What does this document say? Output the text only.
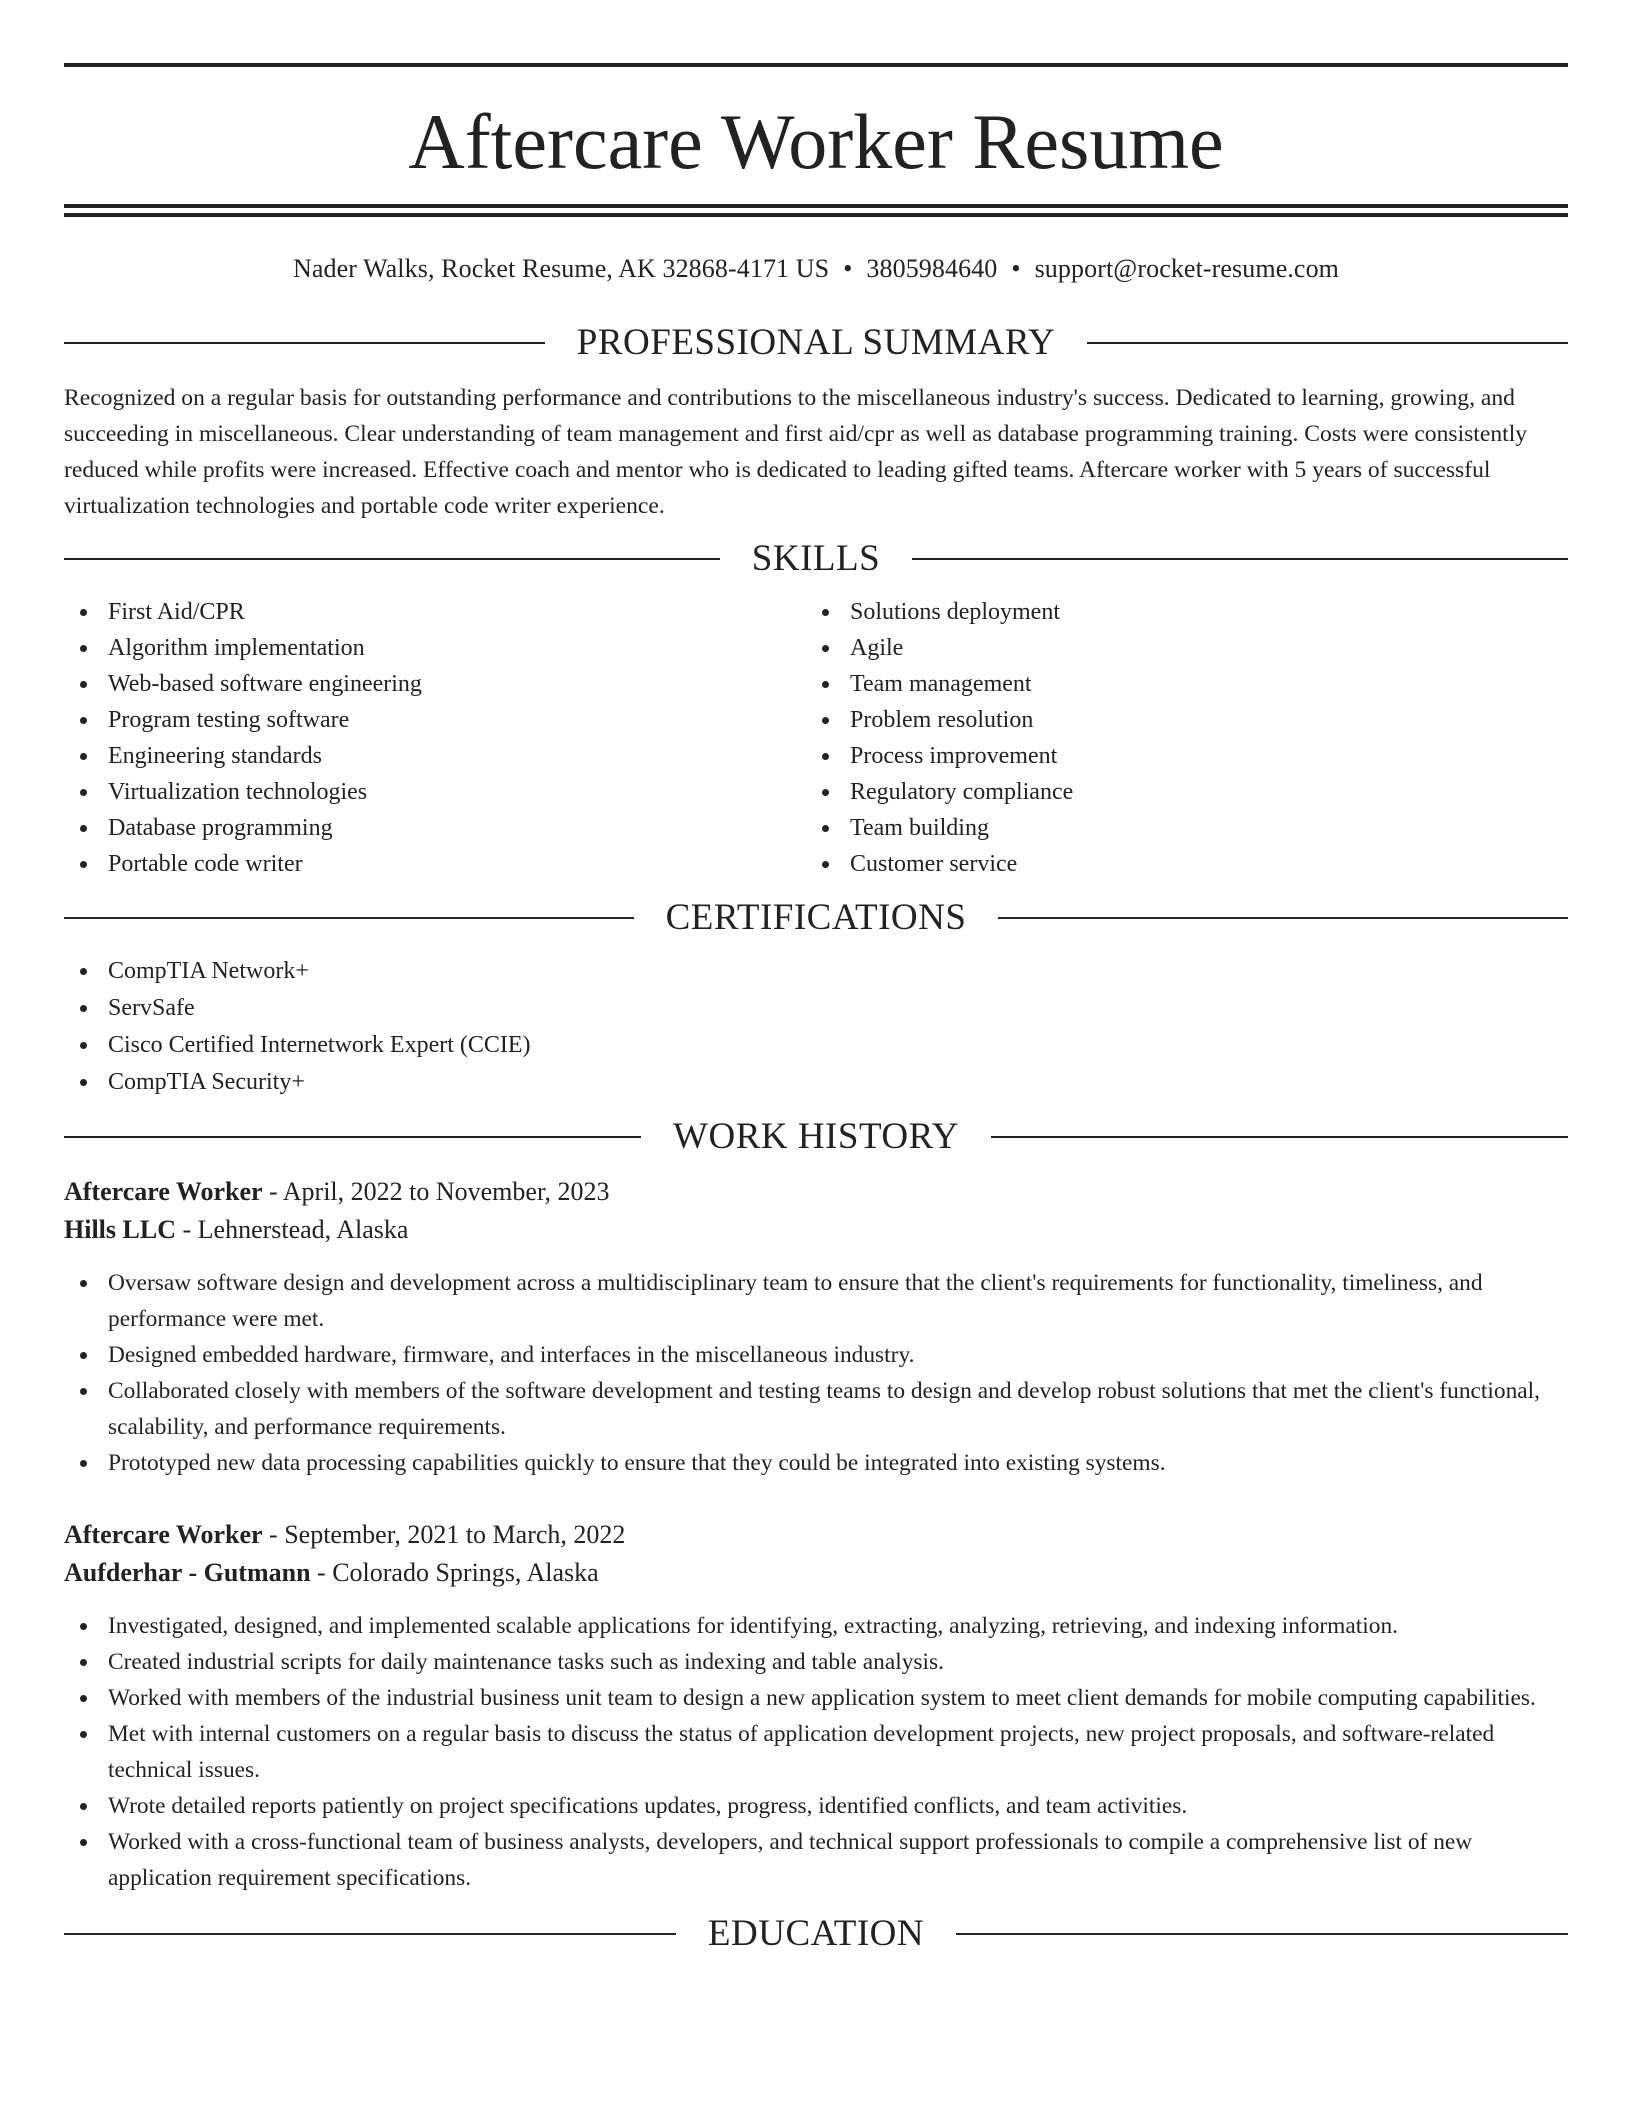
Aftercare Worker Resume
Nader Walks, Rocket Resume, AK 32868-4171 US • 3805984640 • support@rocket-resume.com
PROFESSIONAL SUMMARY
Recognized on a regular basis for outstanding performance and contributions to the miscellaneous industry's success. Dedicated to learning, growing, and succeeding in miscellaneous. Clear understanding of team management and first aid/cpr as well as database programming training. Costs were consistently reduced while profits were increased. Effective coach and mentor who is dedicated to leading gifted teams. Aftercare worker with 5 years of successful virtualization technologies and portable code writer experience.
SKILLS
First Aid/CPR
Algorithm implementation
Web-based software engineering
Program testing software
Engineering standards
Virtualization technologies
Database programming
Portable code writer
Solutions deployment
Agile
Team management
Problem resolution
Process improvement
Regulatory compliance
Team building
Customer service
CERTIFICATIONS
CompTIA Network+
ServSafe
Cisco Certified Internetwork Expert (CCIE)
CompTIA Security+
WORK HISTORY
Aftercare Worker - April, 2022 to November, 2023
Hills LLC - Lehnerstead, Alaska
Oversaw software design and development across a multidisciplinary team to ensure that the client's requirements for functionality, timeliness, and performance were met.
Designed embedded hardware, firmware, and interfaces in the miscellaneous industry.
Collaborated closely with members of the software development and testing teams to design and develop robust solutions that met the client's functional, scalability, and performance requirements.
Prototyped new data processing capabilities quickly to ensure that they could be integrated into existing systems.
Aftercare Worker - September, 2021 to March, 2022
Aufderhar - Gutmann - Colorado Springs, Alaska
Investigated, designed, and implemented scalable applications for identifying, extracting, analyzing, retrieving, and indexing information.
Created industrial scripts for daily maintenance tasks such as indexing and table analysis.
Worked with members of the industrial business unit team to design a new application system to meet client demands for mobile computing capabilities.
Met with internal customers on a regular basis to discuss the status of application development projects, new project proposals, and software-related technical issues.
Wrote detailed reports patiently on project specifications updates, progress, identified conflicts, and team activities.
Worked with a cross-functional team of business analysts, developers, and technical support professionals to compile a comprehensive list of new application requirement specifications.
EDUCATION
